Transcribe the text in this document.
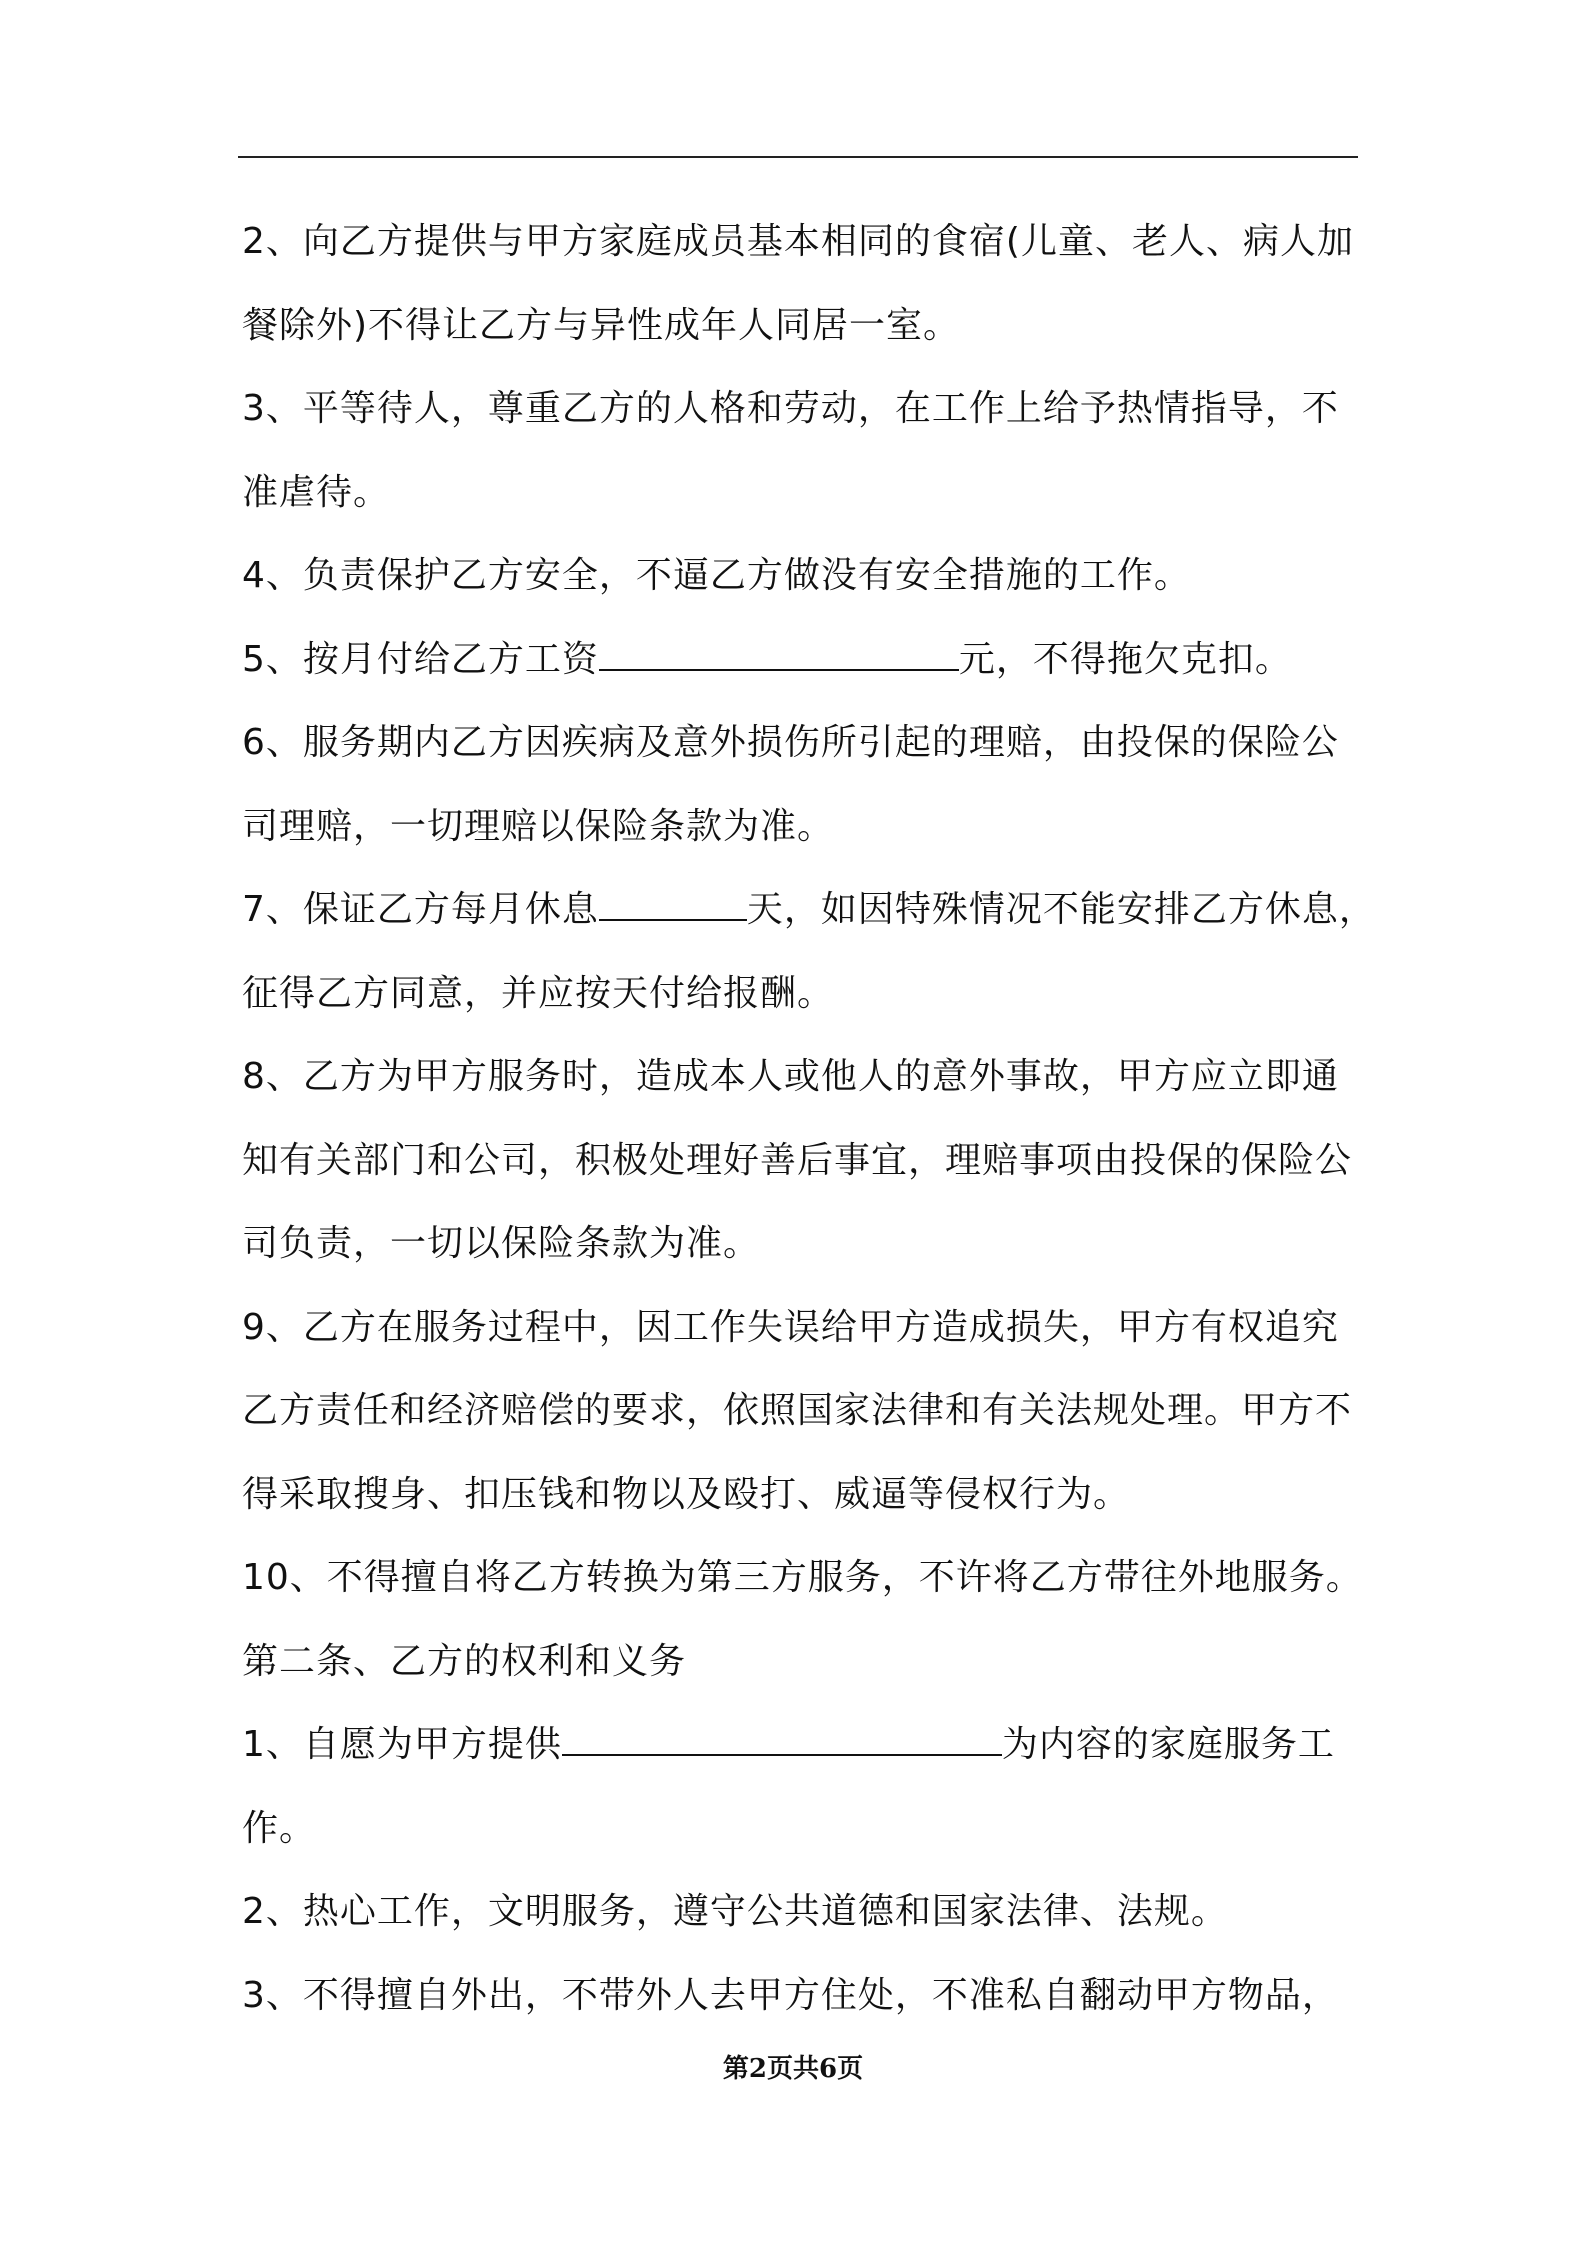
2、向乙方提供与甲方家庭成员基本相同的食宿(儿童、老人、病人加
餐除外)不得让乙方与异性成年人同居一室。
3、平等待人，尊重乙方的人格和劳动，在工作上给予热情指导，不
准虐待。
4、负责保护乙方安全，不逼乙方做没有安全措施的工作。
5、按月付给乙方工资	元，不得拖欠克扣。
6、服务期内乙方因疾病及意外损伤所引起的理赔，由投保的保险公
司理赔，一切理赔以保险条款为准。
7、保证乙方每月休息	天，如因特殊情况不能安排乙方休息，
征得乙方同意，并应按天付给报酬。
8、乙方为甲方服务时，造成本人或他人的意外事故，甲方应立即通
知有关部门和公司，积极处理好善后事宜，理赔事项由投保的保险公
司负责，一切以保险条款为准。
9、乙方在服务过程中，因工作失误给甲方造成损失，甲方有权追究
乙方责任和经济赔偿的要求，依照国家法律和有关法规处理。甲方不
得采取搜身、扣压钱和物以及殴打、威逼等侵权行为。
10、不得擅自将乙方转换为第三方服务，不许将乙方带往外地服务。
第二条、乙方的权利和义务
1、自愿为甲方提供	为内容的家庭服务工
作。
2、热心工作，文明服务，遵守公共道德和国家法律、法规。
3、不得擅自外出，不带外人去甲方住处，不准私自翻动甲方物品，
第2页共6页
